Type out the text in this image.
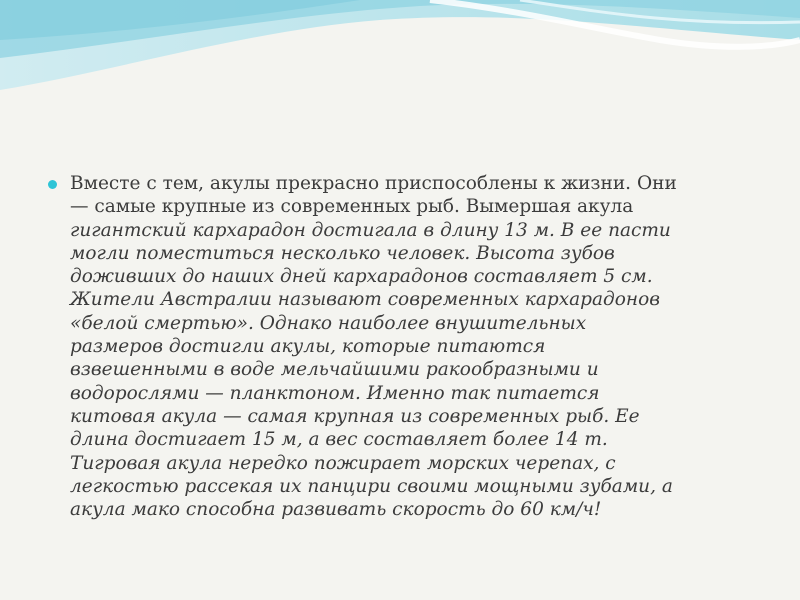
Вместе с тем, акулы прекрасно приспособлены к жизни. Они
— самые крупные из современных рыб. Вымершая акула
гигантский кархарадон достигала в длину 13 м. В ее пасти
могли поместиться несколько человек. Высота зубов
доживших до наших дней кархарадонов составляет 5 см.
Жители Австралии называют современных кархарадонов
«белой смертью». Однако наиболее внушительных
размеров достигли акулы, которые питаются
взвешенными в воде мельчайшими ракообразными и
водорослями — планктоном. Именно так питается
китовая акула — самая крупная из современных рыб. Ее
длина достигает 15 м, а вес составляет более 14 т.
Тигровая акула нередко пожирает морских черепах, с
легкостью рассекая их панцири своими мощными зубами, а
акула мако способна развивать скорость до 60 км/ч!
